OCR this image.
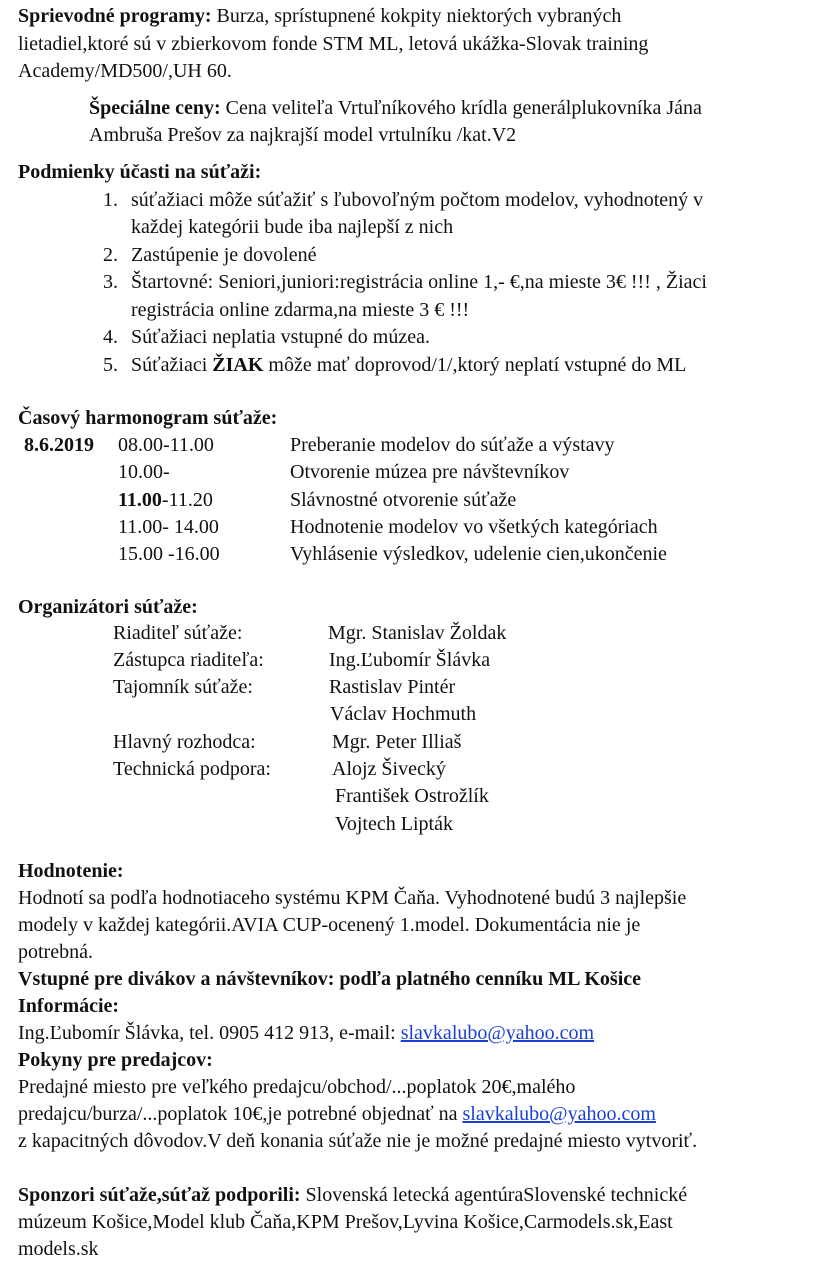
Sprievodné programy: Burza, sprístupnené kokpity niektorých vybraných
lietadiel,ktoré sú v zbierkovom fonde STM ML, letová ukážka-Slovak training
Academy/MD500/,UH 60.
Špeciálne ceny: Cena veliteľa Vrtuľníkového krídla generálplukovníka Jána
Ambruša Prešov za najkrajší model vrtulníku /kat.V2
Podmienky účasti na súťaži:
1. súťažiaci môže súťažiť s ľubovoľným počtom modelov, vyhodnotený v
každej kategórii bude iba najlepší z nich
2. Zastúpenie je dovolené
3. Štartovné: Seniori,juniori:registrácia online 1,- €,na mieste 3€ !!! , Žiaci
registrácia online zdarma,na mieste 3 € !!!
4. Súťažiaci neplatia vstupné do múzea.
5. Súťažiaci ŽIAK môže mať doprovod/1/,ktorý neplatí vstupné do ML
Časový harmonogram súťaže:
8.6.2019 08.00-11.00	Preberanie modelov do súťaže a výstavy
10.00-	Otvorenie múzea pre návštevníkov
11.00-11.20	Slávnostné otvorenie súťaže
11.00- 14.00	Hodnotenie modelov vo všetkých kategóriach
15.00 -16.00	Vyhlásenie výsledkov, udelenie cien,ukončenie
Organizátori súťaže:
Riaditeľ súťaže:	Mgr. Stanislav Žoldak
Zástupca riaditeľa:	Ing.Ľubomír Šlávka
Tajomník súťaže:	Rastislav Pintér
Václav Hochmuth
Hlavný rozhodca:	Mgr. Peter Illiaš
Technická podpora:	Alojz Šivecký
František Ostrožlík
Vojtech Lipták
Hodnotenie:
Hodnotí sa podľa hodnotiaceho systému KPM Čaňa. Vyhodnotené budú 3 najlepšie
modely v každej kategórii.AVIA CUP-ocenený 1.model. Dokumentácia nie je
potrebná.
Vstupné pre divákov a návštevníkov: podľa platného cenníku ML Košice
Informácie:
Ing.Ľubomír Šlávka, tel. 0905 412 913, e-mail: slavkalubo@yahoo.com
Pokyny pre predajcov:
Predajné miesto pre veľkého predajcu/obchod/...poplatok 20€,malého
predajcu/burza/...poplatok 10€,je potrebné objednať na slavkalubo@yahoo.com
z kapacitných dôvodov.V deň konania súťaže nie je možné predajné miesto vytvoriť.
Sponzori súťaže,súťaž podporili: Slovenská letecká agentúraSlovenské technické
múzeum Košice,Model klub Čaňa,KPM Prešov,Lyvina Košice,Carmodels.sk,East
models.sk
